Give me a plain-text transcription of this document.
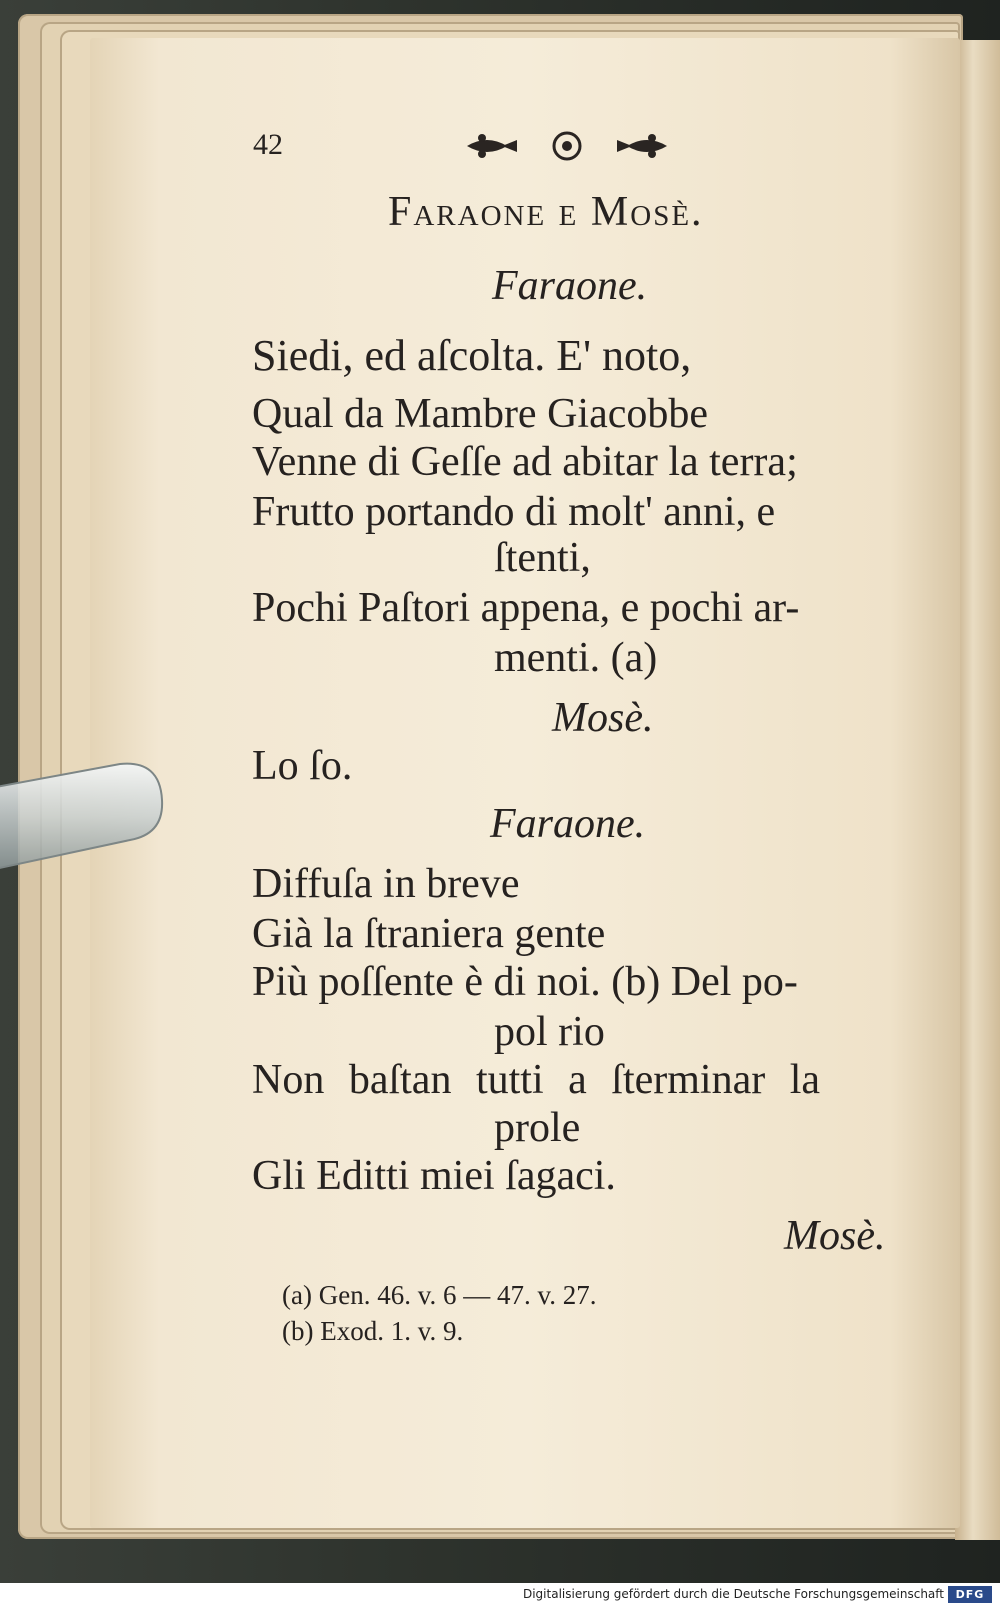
42
Faraone e Mosè.
Faraone.
Siedi, ed aſcolta. E' noto,
Qual da Mambre Giacobbe
Venne di Geſſe ad abitar la terra;
Frutto portando di molt' anni, e
ſtenti,
Pochi Paſtori appena, e pochi ar-
menti. (a)
Mosè.
Lo ſo.
Faraone.
Diffuſa in breve
Già la ſtraniera gente
Più poſſente è di noi. (b) Del po-
pol rio
Non baſtan tutti a ſterminar la
prole
Gli Editti miei ſagaci.
Mosè.
(a) Gen. 46. v. 6 — 47. v. 27.
(b) Exod. 1. v. 9.
Digitalisierung gefördert durch die Deutsche Forschungsgemeinschaft	DFG
